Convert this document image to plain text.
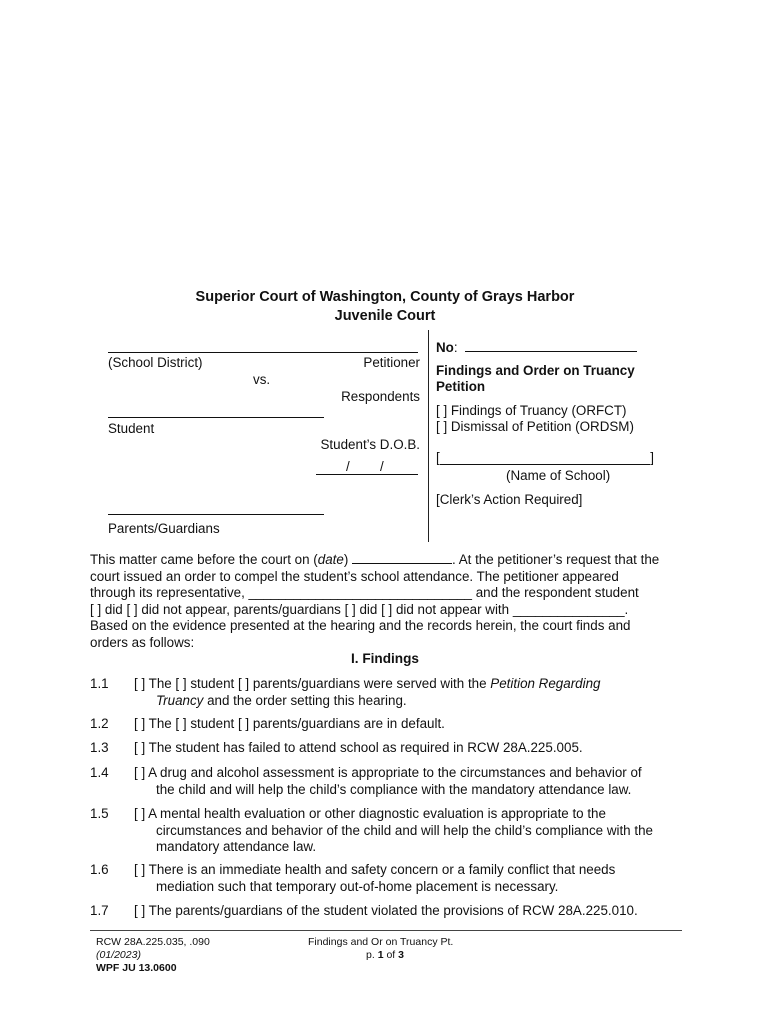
Superior Court of Washington, County of Grays Harbor
Juvenile Court
(School District)	Petitioner
vs.
Respondents
Student
Student’s D.O.B.
/ /
Parents/Guardians
No:
Findings and Order on Truancy
Petition
[ ] Findings of Truancy (ORFCT)
[ ] Dismissal of Petition (ORDSM)
[	]
(Name of School)
[Clerk’s Action Required]

This matter came before the court on (date)	. At the petitioner’s request that the

court issued an order to compel the student’s school attendance. The petitioner appeared

through its representative, ______________________________ and the respondent student

[ ] did [ ] did not appear, parents/guardians [ ] did [ ] did not appear with _______________.

Based on the evidence presented at the hearing and the records herein, the court finds and

orders as follows:

I. Findings
1.1 [ ] The [ ] student [ ] parents/guardians were served with the Petition Regarding
Truancy and the order setting this hearing.
1.2 [ ] The [ ] student [ ] parents/guardians are in default.
1.3 [ ] The student has failed to attend school as required in RCW 28A.225.005.
1.4 [ ] A drug and alcohol assessment is appropriate to the circumstances and behavior of
the child and will help the child’s compliance with the mandatory attendance law.
1.5 [ ] A mental health evaluation or other diagnostic evaluation is appropriate to the
circumstances and behavior of the child and will help the child’s compliance with the
mandatory attendance law.
1.6 [ ] There is an immediate health and safety concern or a family conflict that needs
mediation such that temporary out-of-home placement is necessary.
1.7 [ ] The parents/guardians of the student violated the provisions of RCW 28A.225.010.
RCW 28A.225.035, .090
(01/2023)
WPF JU 13.0600
Findings and Or on Truancy Pt.
p. 1 of 3
